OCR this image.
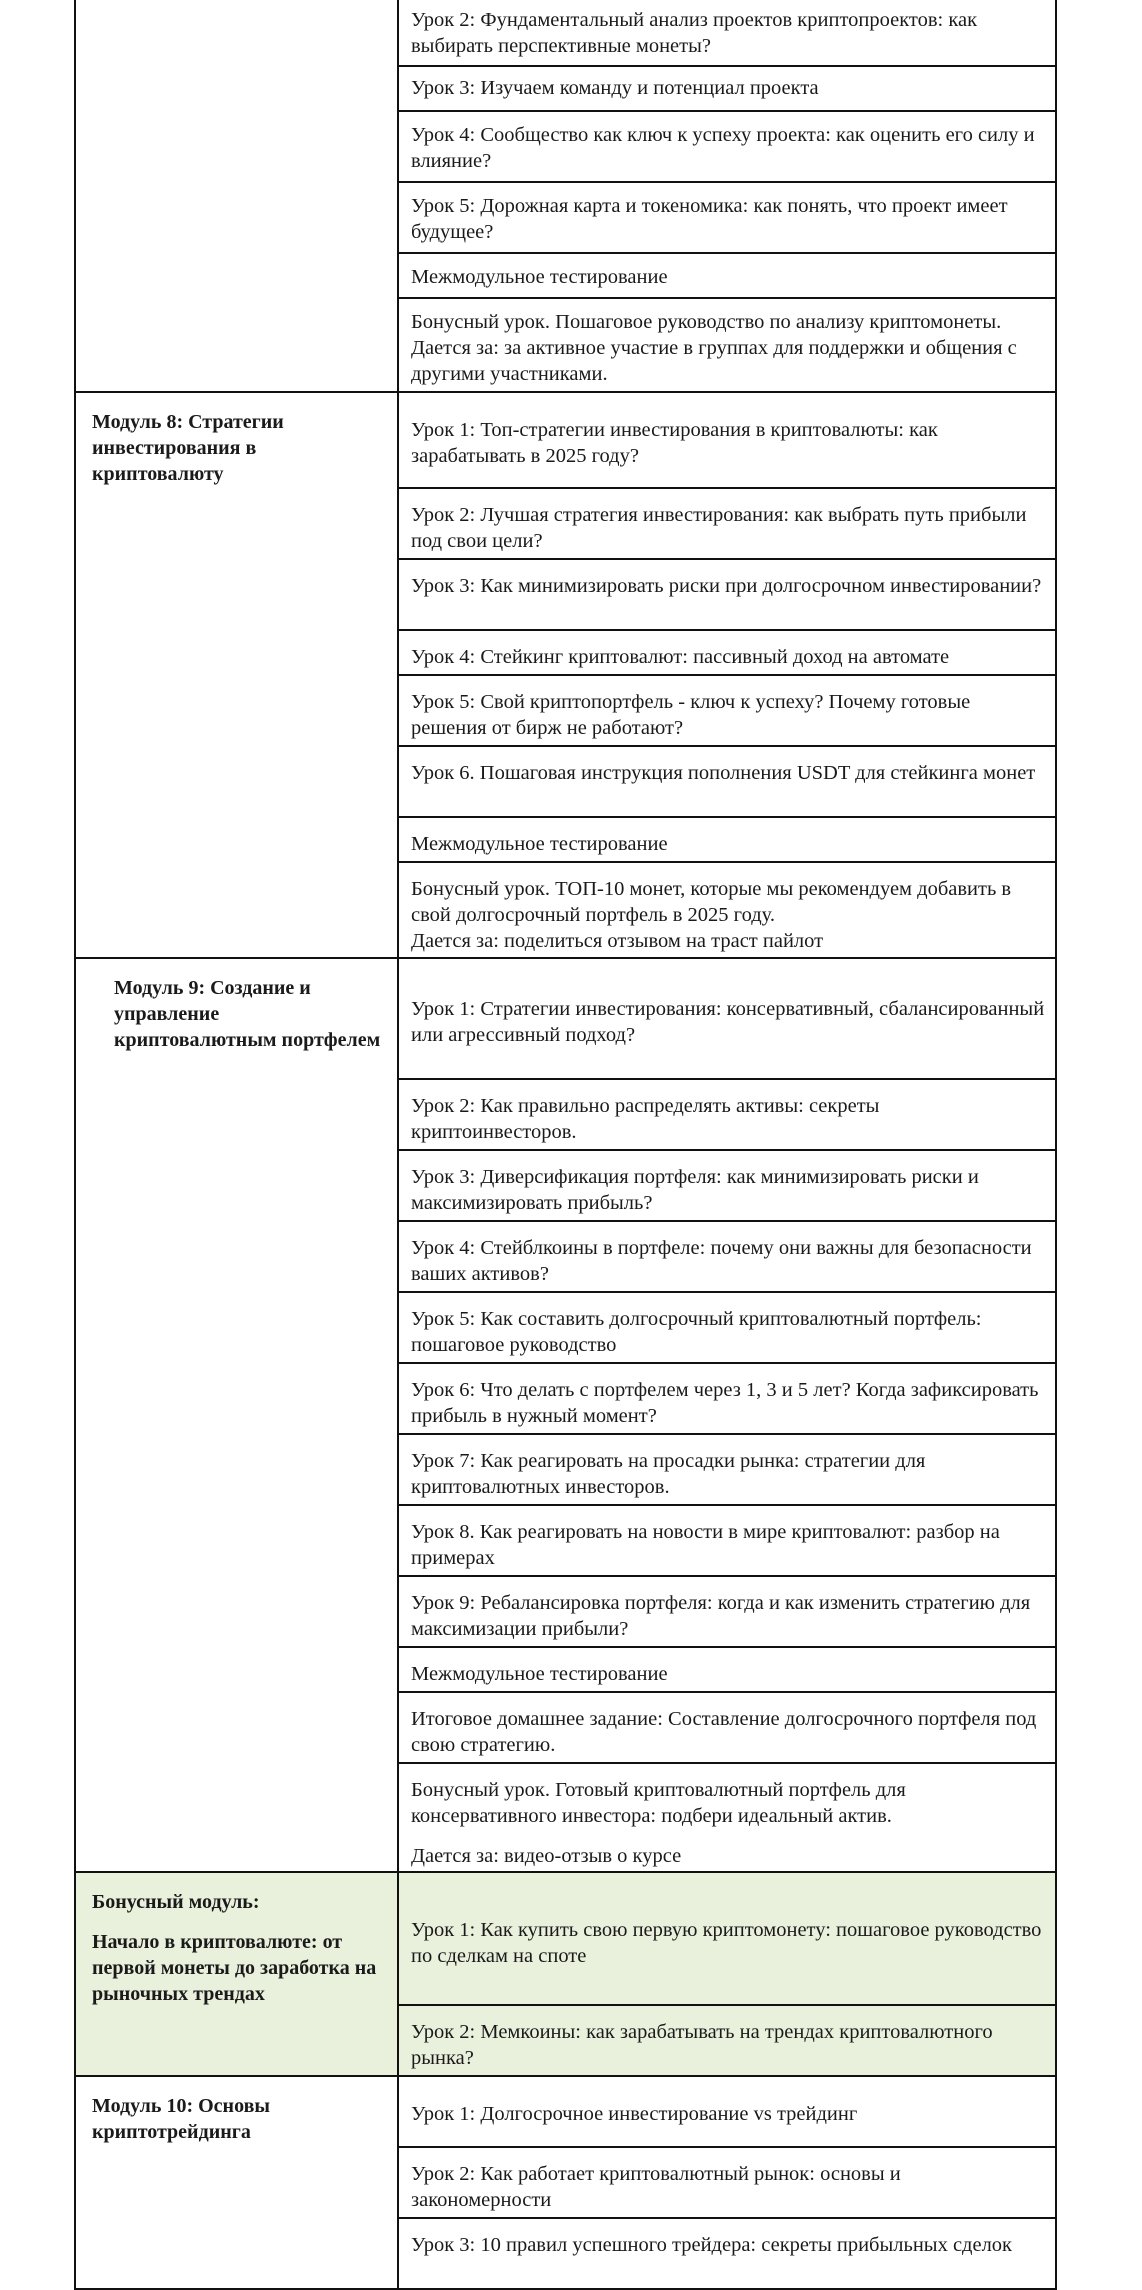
	Урок 2: Фундаментальный анализ проектов криптопроектов: как выбирать перспективные монеты?

	Урок 3: Изучаем команду и потенциал проекта

	Урок 4: Сообщество как ключ к успеху проекта: как оценить его силу и влияние?

	Урок 5: Дорожная карта и токеномика: как понять, что проект имеет будущее?

	Межмодульное тестирование

	Бонусный урок. Пошаговое руководство по анализу криптомонеты.
Дается за: за активное участие в группах для поддержки и общения с другими участниками.

Модуль 8: Стратегии инвестирования в криптовалюту	Урок 1: Топ-стратегии инвестирования в криптовалюты: как зарабатывать в 2025 году?

	Урок 2: Лучшая стратегия инвестирования: как выбрать путь прибыли под свои цели?

	Урок 3: Как минимизировать риски при долгосрочном инвестировании?

	Урок 4: Стейкинг криптовалют: пассивный доход на автомате

	Урок 5: Свой криптопортфель - ключ к успеху? Почему готовые решения от бирж не работают?

	Урок 6. Пошаговая инструкция пополнения USDT для стейкинга монет

	Межмодульное тестирование

	Бонусный урок. ТОП-10 монет, которые мы рекомендуем добавить в свой долгосрочный портфель в 2025 году.
Дается за: поделиться отзывом на траст пайлот

Модуль 9: Создание и управление криптовалютным портфелем	Урок 1: Стратегии инвестирования: консервативный, сбалансированный или агрессивный подход?

	Урок 2: Как правильно распределять активы: секреты криптоинвесторов.

	Урок 3: Диверсификация портфеля: как минимизировать риски и максимизировать прибыль?

	Урок 4: Стейблкоины в портфеле: почему они важны для безопасности ваших активов?

	Урок 5: Как составить долгосрочный криптовалютный портфель: пошаговое руководство

	Урок 6: Что делать с портфелем через 1, 3 и 5 лет? Когда зафиксировать прибыль в нужный момент?

	Урок 7: Как реагировать на просадки рынка: стратегии для криптовалютных инвесторов.

	Урок 8. Как реагировать на новости в мире криптовалют: разбор на примерах

	Урок 9: Ребалансировка портфеля: когда и как изменить стратегию для максимизации прибыли?

	Межмодульное тестирование

	Итоговое домашнее задание: Составление долгосрочного портфеля под свою стратегию.

	Бонусный урок. Готовый криптовалютный портфель для консервативного инвестора: подбери идеальный актив.
Дается за: видео-отзыв о курсе

Бонусный модуль:
Начало в криптовалюте: от первой монеты до заработка на рыночных трендах	Урок 1: Как купить свою первую криптомонету: пошаговое руководство по сделкам на споте

	Урок 2: Мемкоины: как зарабатывать на трендах криптовалютного рынка?

Модуль 10: Основы криптотрейдинга	Урок 1: Долгосрочное инвестирование vs трейдинг

	Урок 2: Как работает криптовалютный рынок: основы и закономерности

	Урок 3: 10 правил успешного трейдера: секреты прибыльных сделок
